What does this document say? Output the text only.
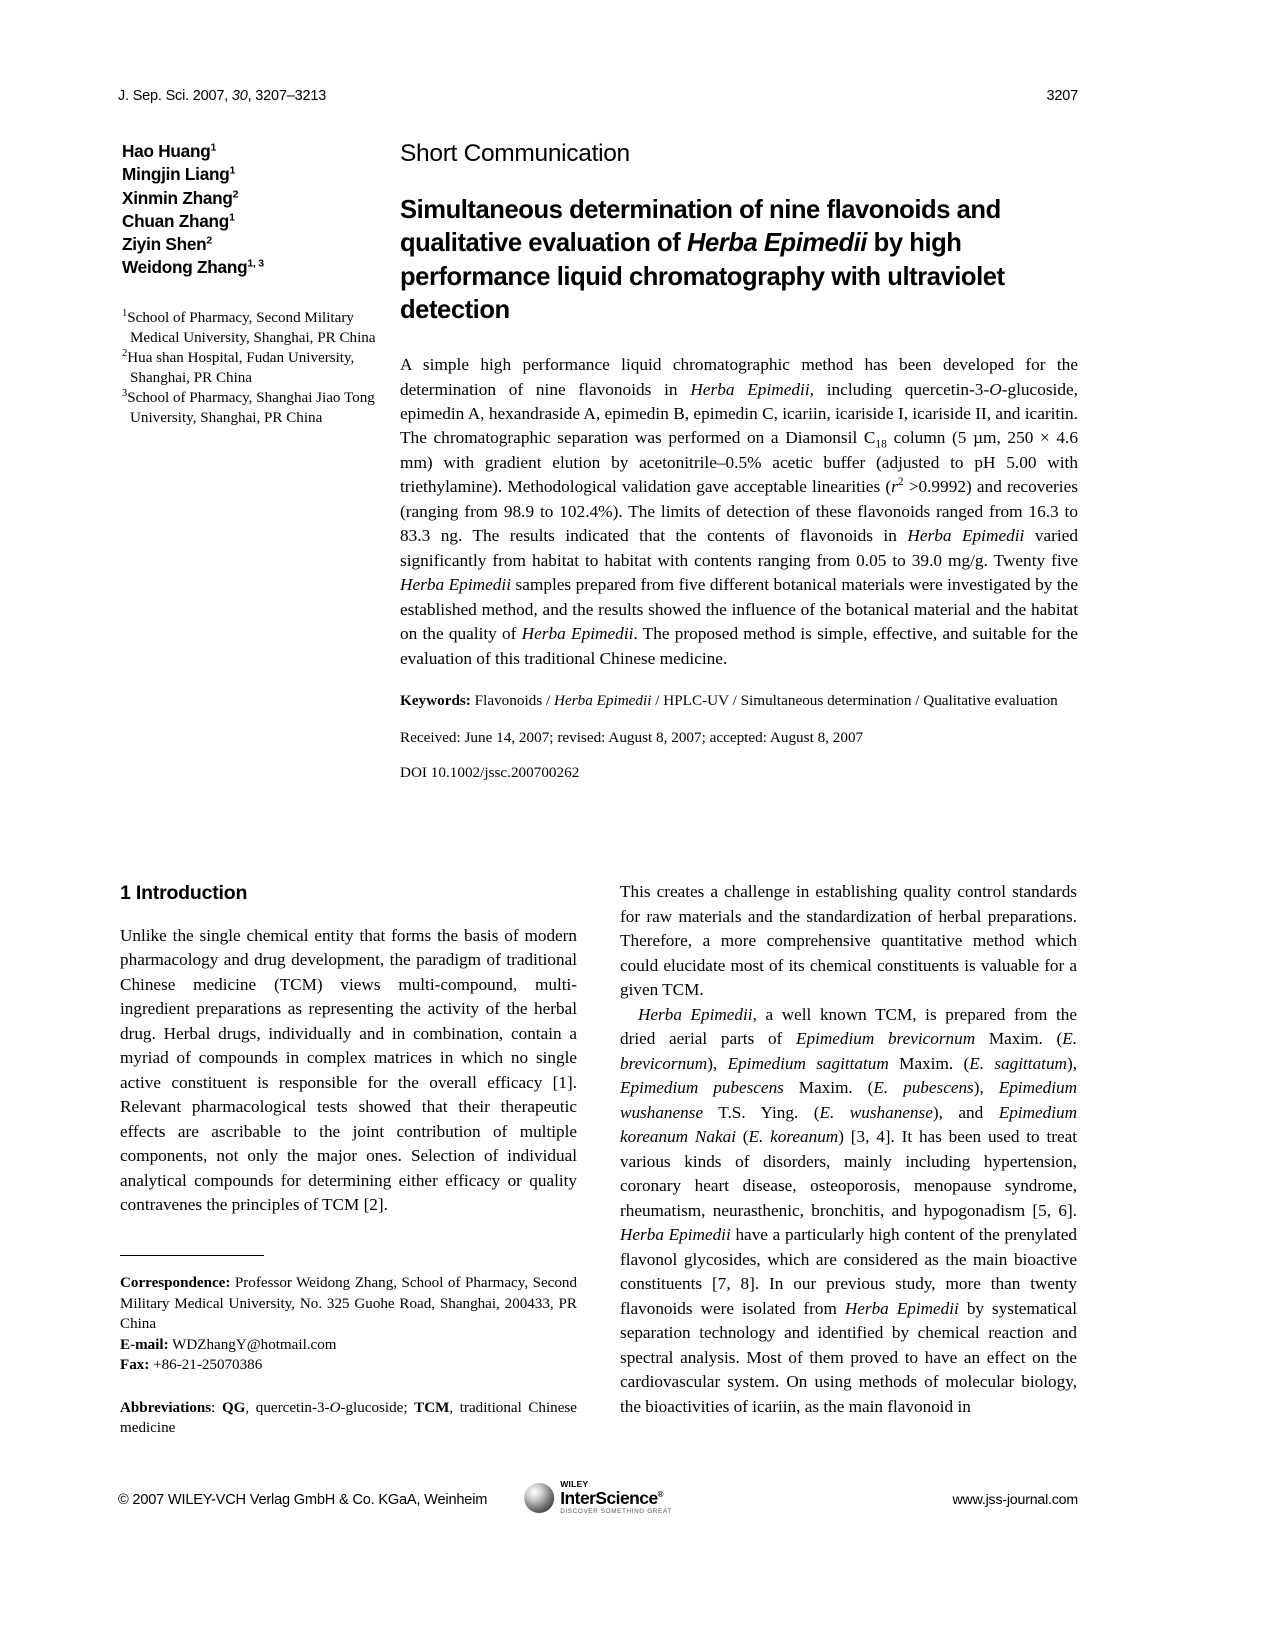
J. Sep. Sci. 2007, 30, 3207–3213	3207
Hao Huang$^1$
Mingjin Liang$^1$
Xinmin Zhang$^2$
Chuan Zhang$^1$
Ziyin Shen$^2$
Weidong Zhang$^{1, 3}$
$^1$School of Pharmacy, Second Military Medical University, Shanghai, PR China
$^2$Hua shan Hospital, Fudan University, Shanghai, PR China
$^3$School of Pharmacy, Shanghai Jiao Tong University, Shanghai, PR China
Short Communication
Simultaneous determination of nine flavonoids and qualitative evaluation of Herba Epimedii by high performance liquid chromatography with ultraviolet detection
A simple high performance liquid chromatographic method has been developed for the determination of nine flavonoids in Herba Epimedii, including quercetin-3-O-glucoside, epimedin A, hexandraside A, epimedin B, epimedin C, icariin, icariside I, icariside II, and icaritin. The chromatographic separation was performed on a Diamonsil $C_{18}$ column (5 µm, 250 × 4.6 mm) with gradient elution by acetonitrile–0.5% acetic buffer (adjusted to pH 5.00 with triethylamine). Methodological validation gave acceptable linearities $(r^2 >0.9992)$ and recoveries (ranging from 98.9 to 102.4%). The limits of detection of these flavonoids ranged from 16.3 to 83.3 ng. The results indicated that the contents of flavonoids in Herba Epimedii varied significantly from habitat to habitat with contents ranging from 0.05 to 39.0 mg/g. Twenty five Herba Epimedii samples prepared from five different botanical materials were investigated by the established method, and the results showed the influence of the botanical material and the habitat on the quality of Herba Epimedii. The proposed method is simple, effective, and suitable for the evaluation of this traditional Chinese medicine.
Keywords: Flavonoids / Herba Epimedii / HPLC-UV / Simultaneous determination / Qualitative evaluation
Received: June 14, 2007; revised: August 8, 2007; accepted: August 8, 2007
DOI 10.1002/jssc.200700262
1 Introduction

Unlike the single chemical entity that forms the basis of modern pharmacology and drug development, the paradigm of traditional Chinese medicine (TCM) views multi-compound, multi-ingredient preparations as representing the activity of the herbal drug. Herbal drugs, individually and in combination, contain a myriad of compounds in complex matrices in which no single active constituent is responsible for the overall efficacy [1]. Relevant pharmacological tests showed that their therapeutic effects are ascribable to the joint contribution of multiple components, not only the major ones. Selection of individual analytical compounds for determining either efficacy or quality contravenes the principles of TCM [2].

This creates a challenge in establishing quality control standards for raw materials and the standardization of herbal preparations. Therefore, a more comprehensive quantitative method which could elucidate most of its chemical constituents is valuable for a given TCM.

Herba Epimedii, a well known TCM, is prepared from the dried aerial parts of Epimedium brevicornum Maxim. (E. brevicornum), Epimedium sagittatum Maxim. (E. sagittatum), Epimedium pubescens Maxim. (E. pubescens), Epimedium wushanense T.S. Ying. (E. wushanense), and Epimedium koreanum Nakai (E. koreanum) [3, 4]. It has been used to treat various kinds of disorders, mainly including hypertension, coronary heart disease, osteoporosis, menopause syndrome, rheumatism, neurasthenic, bronchitis, and hypogonadism [5, 6]. Herba Epimedii have a particularly high content of the prenylated flavonol glycosides, which are considered as the main bioactive constituents [7, 8]. In our previous study, more than twenty flavonoids were isolated from Herba Epimedii by systematical separation technology and identified by chemical reaction and spectral analysis. Most of them proved to have an effect on the cardiovascular system. On using methods of molecular biology, the bioactivities of icariin, as the main flavonoid in

Correspondence: Professor Weidong Zhang, School of Pharmacy, Second Military Medical University, No. 325 Guohe Road, Shanghai, 200433, PR China
E-mail: WDZhangY@hotmail.com
Fax: +86-21-25070386
Abbreviations: QG, quercetin-3-O-glucoside; TCM, traditional Chinese medicine
© 2007 WILEY-VCH Verlag GmbH & Co. KGaA, Weinheim
WILEY
InterScience®
DISCOVER SOMETHING GREAT
www.jss-journal.com
